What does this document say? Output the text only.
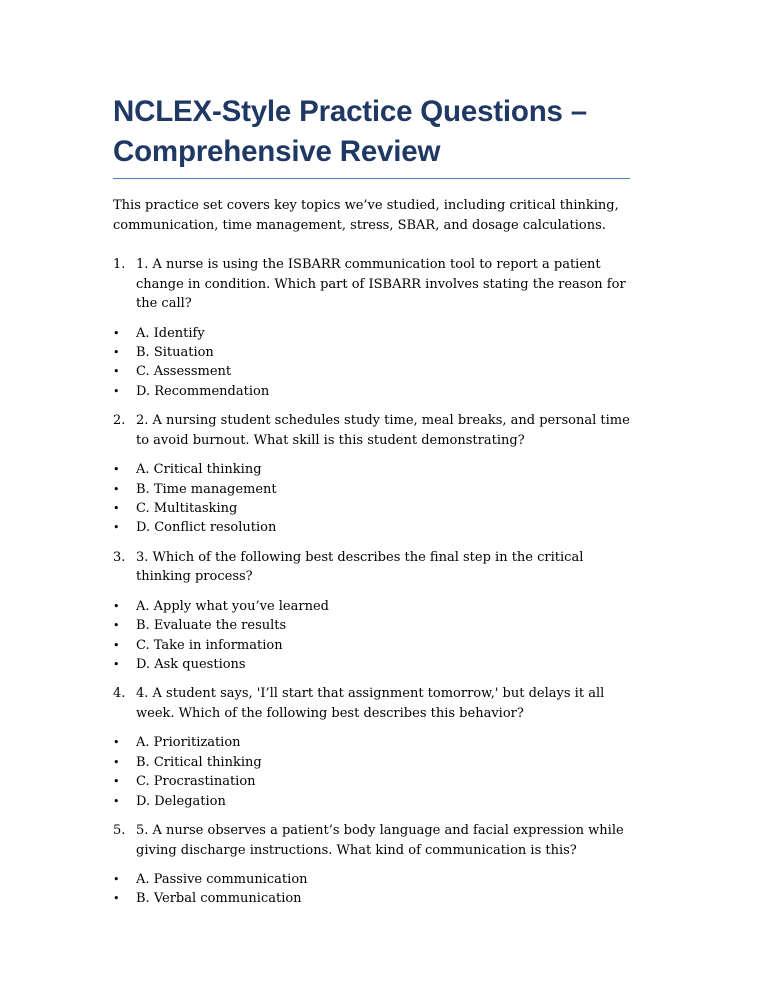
NCLEX-Style Practice Questions – Comprehensive Review

This practice set covers key topics we’ve studied, including critical thinking, communication, time management, stress, SBAR, and dosage calculations.

1. 1. A nurse is using the ISBARR communication tool to report a patient change in condition. Which part of ISBARR involves stating the reason for the call?
•	A. Identify
•	B. Situation
•	C. Assessment
•	D. Recommendation
2. 2. A nursing student schedules study time, meal breaks, and personal time to avoid burnout. What skill is this student demonstrating?
•	A. Critical thinking
•	B. Time management
•	C. Multitasking
•	D. Conflict resolution
3. 3. Which of the following best describes the final step in the critical thinking process?
•	A. Apply what you’ve learned
•	B. Evaluate the results
•	C. Take in information
•	D. Ask questions
4. 4. A student says, 'I’ll start that assignment tomorrow,' but delays it all week. Which of the following best describes this behavior?
•	A. Prioritization
•	B. Critical thinking
•	C. Procrastination
•	D. Delegation
5. 5. A nurse observes a patient’s body language and facial expression while giving discharge instructions. What kind of communication is this?
•	A. Passive communication
•	B. Verbal communication
